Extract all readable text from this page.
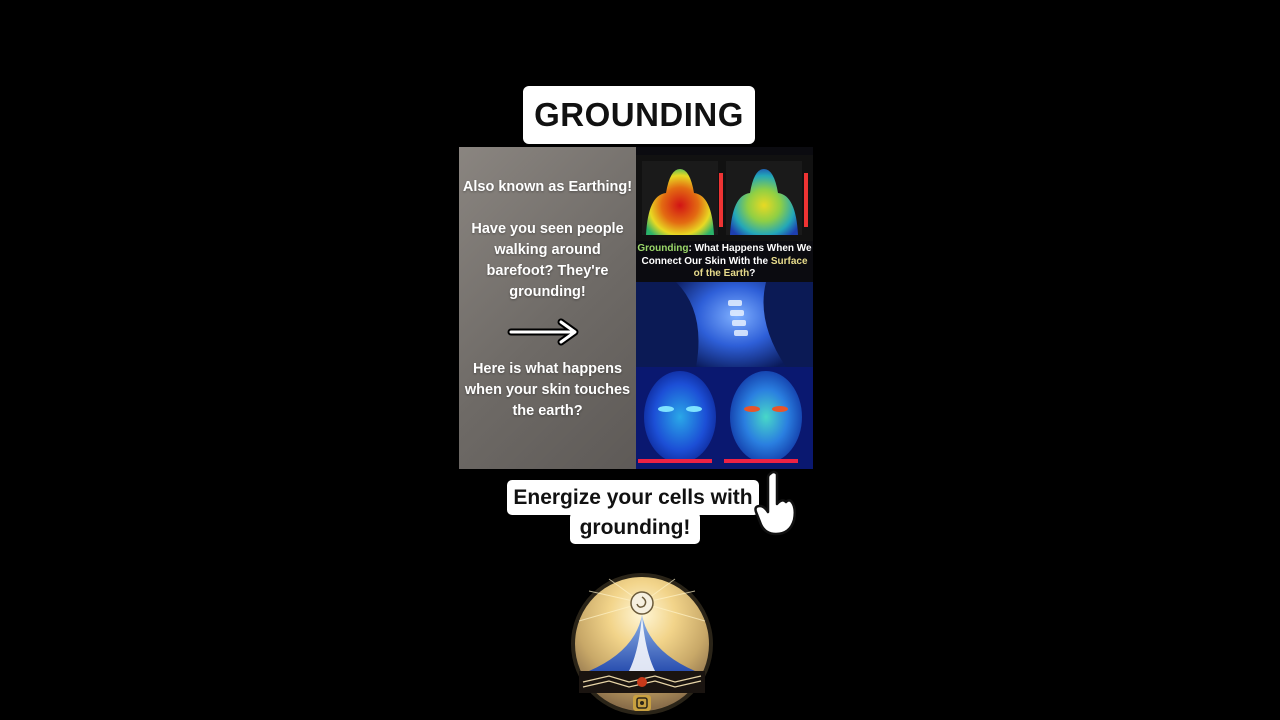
GROUNDING
Also known as Earthing!
Have you seen people walking around barefoot? They're grounding!
Here is what happens when your skin touches the earth?
Grounding: What Happens When We Connect Our Skin With the Surface of the Earth?
Energize your cells with
grounding!
